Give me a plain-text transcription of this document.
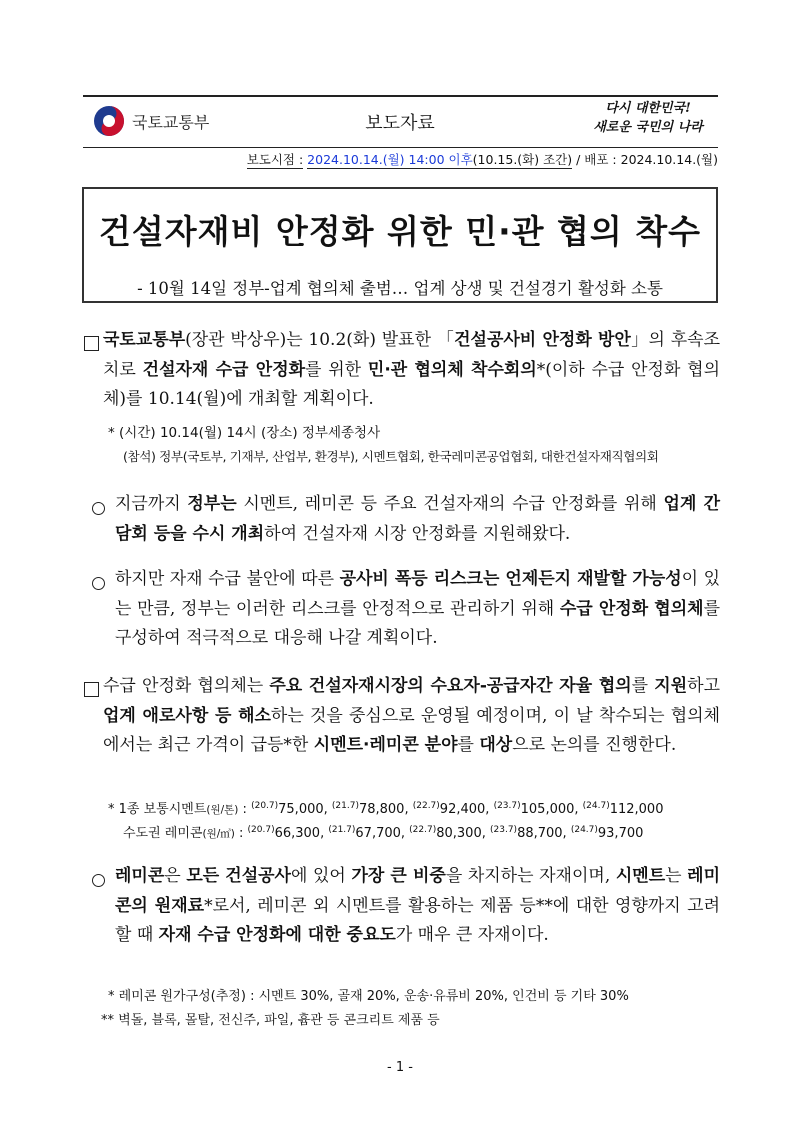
국토교통부	보도자료
다시 대한민국!
새로운 국민의 나라
보도시점 : 2024.10.14.(월) 14:00 이후(10.15.(화) 조간) / 배포 : 2024.10.14.(월)
건설자재비 안정화 위한 민·관 협의 착수
- 10월 14일 정부-업계 협의체 출범… 업계 상생 및 건설경기 활성화 소통
국토교통부(장관 박상우)는 10.2(화) 발표한 「건설공사비 안정화 방안」의 후속조치로 건설자재 수급 안정화를 위한 민·관 협의체 착수회의*(이하 수급 안정화 협의체)를 10.14(월)에 개최할 계획이다.
* (시간) 10.14(월) 14시 (장소) 정부세종청사
(참석) 정부(국토부, 기재부, 산업부, 환경부), 시멘트협회, 한국레미콘공업협회, 대한건설자재직협의회
지금까지 정부는 시멘트, 레미콘 등 주요 건설자재의 수급 안정화를 위해 업계 간담회 등을 수시 개최하여 건설자재 시장 안정화를 지원해왔다.
하지만 자재 수급 불안에 따른 공사비 폭등 리스크는 언제든지 재발할 가능성이 있는 만큼, 정부는 이러한 리스크를 안정적으로 관리하기 위해 수급 안정화 협의체를 구성하여 적극적으로 대응해 나갈 계획이다.
수급 안정화 협의체는 주요 건설자재시장의 수요자-공급자간 자율 협의를 지원하고 업계 애로사항 등 해소하는 것을 중심으로 운영될 예정이며, 이 날 착수되는 협의체에서는 최근 가격이 급등*한 시멘트·레미콘 분야를 대상으로 논의를 진행한다.
* 1종 보통시멘트(원/톤) : $^{(20.7)}$75,000, $^{(21.7)}$78,800, $^{(22.7)}$92,400, $^{(23.7)}$105,000, $^{(24.7)}$112,000
수도권 레미콘(원/㎥) : $^{(20.7)}$66,300, $^{(21.7)}$67,700, $^{(22.7)}$80,300, $^{(23.7)}$88,700, $^{(24.7)}$93,700
레미콘은 모든 건설공사에 있어 가장 큰 비중을 차지하는 자재이며, 시멘트는 레미콘의 원재료*로서, 레미콘 외 시멘트를 활용하는 제품 등**에 대한 영향까지 고려할 때 자재 수급 안정화에 대한 중요도가 매우 큰 자재이다.
* 레미콘 원가구성(추정) : 시멘트 30%, 골재 20%, 운송·유류비 20%, 인건비 등 기타 30%
** 벽돌, 블록, 몰탈, 전신주, 파일, 흄관 등 콘크리트 제품 등
- 1 -
